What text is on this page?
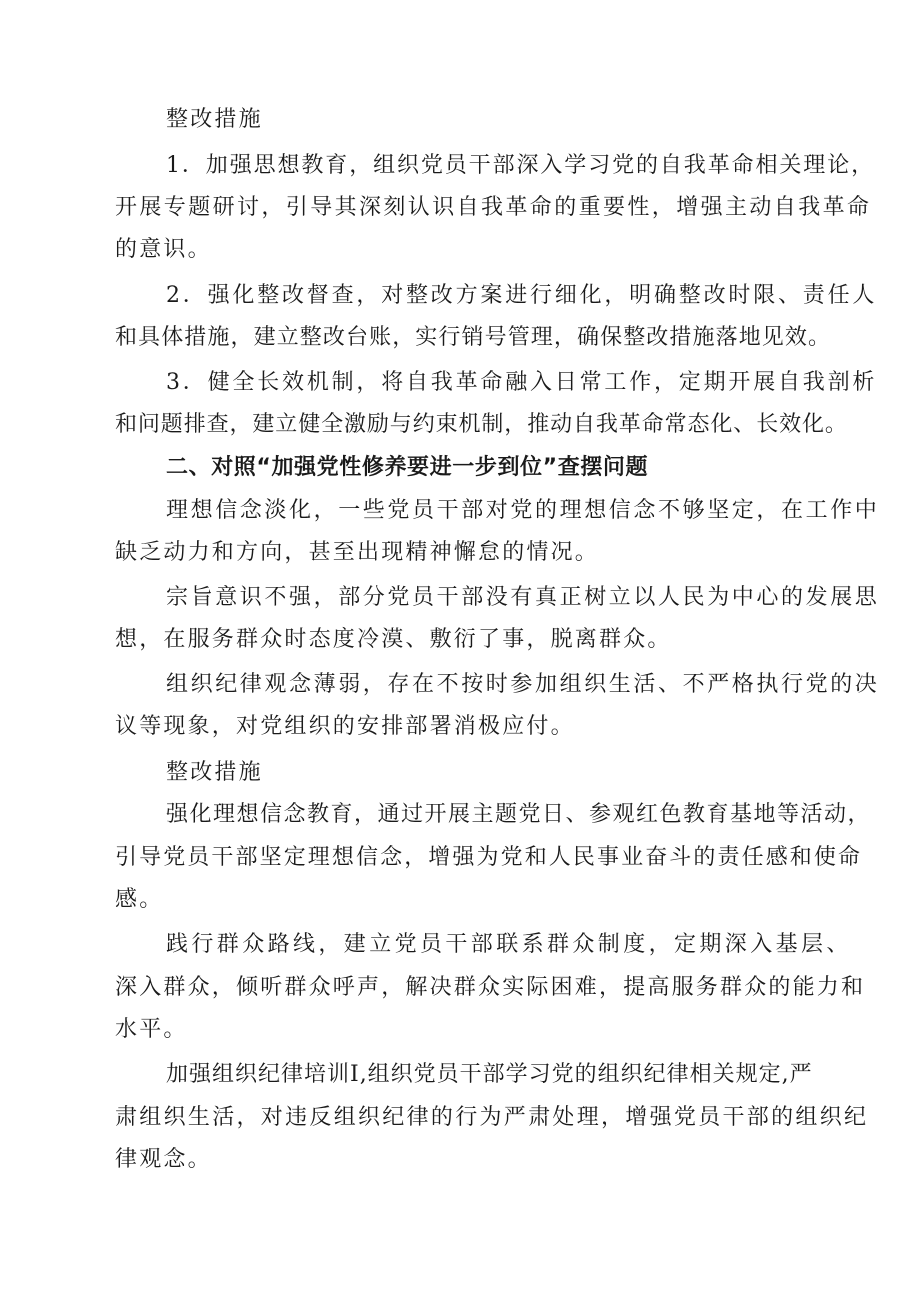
整改措施
1．加强思想教育，组织党员干部深入学习党的自我革命相关理论，
开展专题研讨，引导其深刻认识自我革命的重要性，增强主动自我革命
的意识。
2．强化整改督查，对整改方案进行细化，明确整改时限、责任人
和具体措施，建立整改台账，实行销号管理，确保整改措施落地见效。
3．健全长效机制，将自我革命融入日常工作，定期开展自我剖析
和问题排查，建立健全激励与约束机制，推动自我革命常态化、长效化。
二、对照“加强党性修养要进一步到位”查摆问题
理想信念淡化，一些党员干部对党的理想信念不够坚定，在工作中
缺乏动力和方向，甚至出现精神懈怠的情况。
宗旨意识不强，部分党员干部没有真正树立以人民为中心的发展思
想，在服务群众时态度冷漠、敷衍了事，脱离群众。
组织纪律观念薄弱，存在不按时参加组织生活、不严格执行党的决
议等现象，对党组织的安排部署消极应付。
整改措施
强化理想信念教育，通过开展主题党日、参观红色教育基地等活动，
引导党员干部坚定理想信念，增强为党和人民事业奋斗的责任感和使命
感。
践行群众路线，建立党员干部联系群众制度，定期深入基层、
深入群众，倾听群众呼声，解决群众实际困难，提高服务群众的能力和
水平。
加强组织纪律培训I,组织党员干部学习党的组织纪律相关规定,严
肃组织生活，对违反组织纪律的行为严肃处理，增强党员干部的组织纪
律观念。
